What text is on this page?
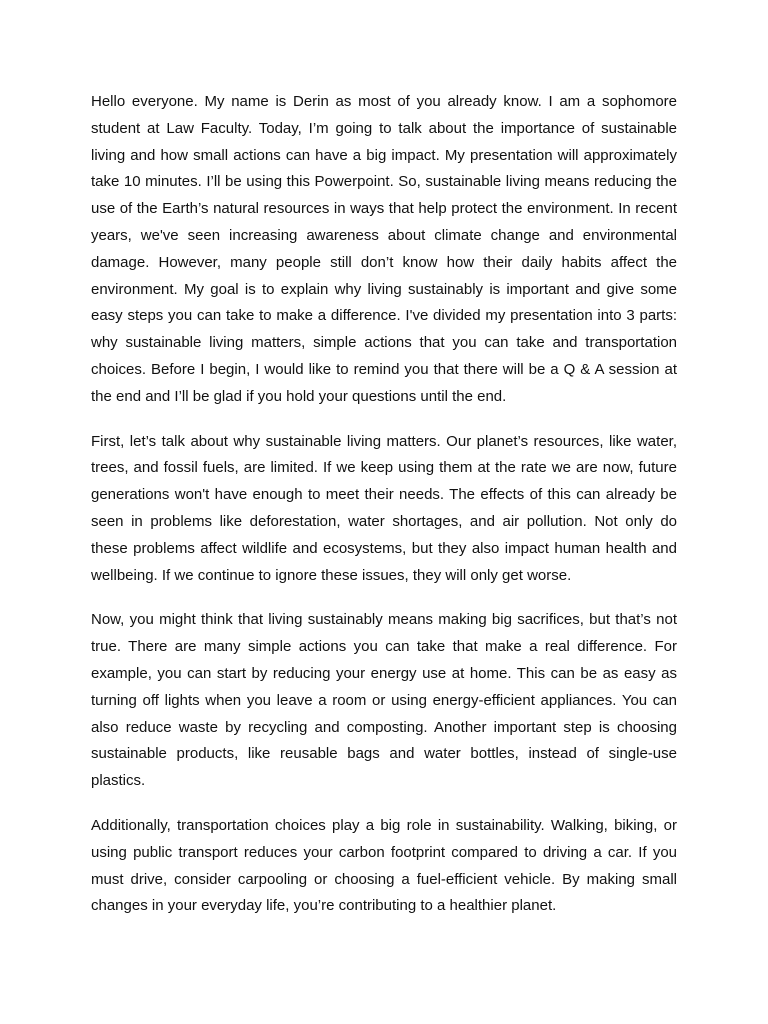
Hello everyone. My name is Derin as most of you already know. I am a sophomore student at Law Faculty. Today, I’m going to talk about the importance of sustainable living and how small actions can have a big impact. My presentation will approximately take 10 minutes. I’ll be using this Powerpoint. So, sustainable living means reducing the use of the Earth’s natural resources in ways that help protect the environment. In recent years, we've seen increasing awareness about climate change and environmental damage. However, many people still don’t know how their daily habits affect the environment. My goal is to explain why living sustainably is important and give some easy steps you can take to make a difference. I've divided my presentation into 3 parts: why sustainable living matters, simple actions that you can take and transportation choices. Before I begin, I would like to remind you that there will be a Q & A session at the end and I’ll be glad if you hold your questions until the end.

First, let’s talk about why sustainable living matters. Our planet’s resources, like water, trees, and fossil fuels, are limited. If we keep using them at the rate we are now, future generations won't have enough to meet their needs. The effects of this can already be seen in problems like deforestation, water shortages, and air pollution. Not only do these problems affect wildlife and ecosystems, but they also impact human health and wellbeing. If we continue to ignore these issues, they will only get worse.

Now, you might think that living sustainably means making big sacrifices, but that’s not true. There are many simple actions you can take that make a real difference. For example, you can start by reducing your energy use at home. This can be as easy as turning off lights when you leave a room or using energy-efficient appliances. You can also reduce waste by recycling and composting. Another important step is choosing sustainable products, like reusable bags and water bottles, instead of single-use plastics.

Additionally, transportation choices play a big role in sustainability. Walking, biking, or using public transport reduces your carbon footprint compared to driving a car. If you must drive, consider carpooling or choosing a fuel-efficient vehicle. By making small changes in your everyday life, you’re contributing to a healthier planet.
